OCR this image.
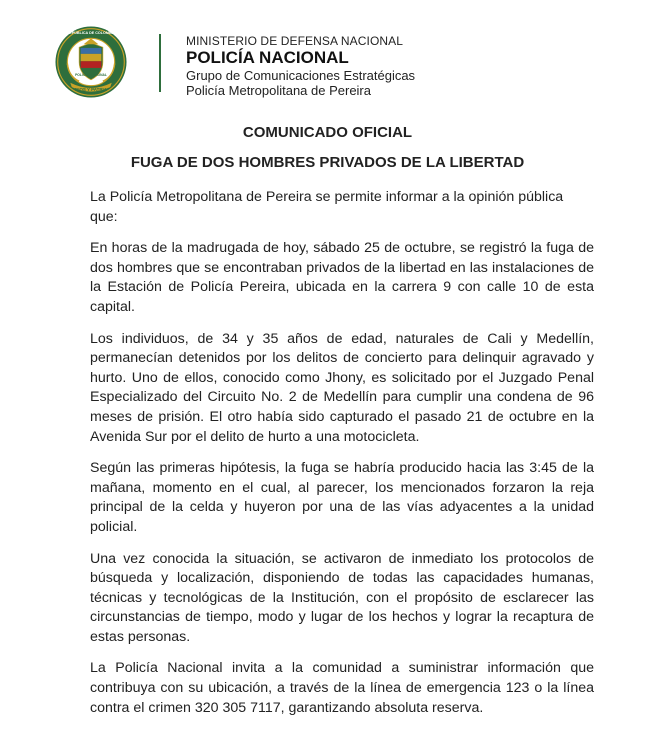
DIOS Y PATRIA
REPÚBLICA DE COLOMBIA
POLICÍA NACIONAL
MINISTERIO DE DEFENSA NACIONAL
POLICÍA NACIONAL
Grupo de Comunicaciones Estratégicas
Policía Metropolitana de Pereira
COMUNICADO OFICIAL
FUGA DE DOS HOMBRES PRIVADOS DE LA LIBERTAD

La Policía Metropolitana de Pereira se permite informar a la opinión pública que:

En horas de la madrugada de hoy, sábado 25 de octubre, se registró la fuga de dos hombres que se encontraban privados de la libertad en las instalaciones de la Estación de Policía Pereira, ubicada en la carrera 9 con calle 10 de esta capital.

Los individuos, de 34 y 35 años de edad, naturales de Cali y Medellín, permanecían detenidos por los delitos de concierto para delinquir agravado y hurto. Uno de ellos, conocido como Jhony, es solicitado por el Juzgado Penal Especializado del Circuito No. 2 de Medellín para cumplir una condena de 96 meses de prisión. El otro había sido capturado el pasado 21 de octubre en la Avenida Sur por el delito de hurto a una motocicleta.

Según las primeras hipótesis, la fuga se habría producido hacia las 3:45 de la mañana, momento en el cual, al parecer, los mencionados forzaron la reja principal de la celda y huyeron por una de las vías adyacentes a la unidad policial.

Una vez conocida la situación, se activaron de inmediato los protocolos de búsqueda y localización, disponiendo de todas las capacidades humanas, técnicas y tecnológicas de la Institución, con el propósito de esclarecer las circunstancias de tiempo, modo y lugar de los hechos y lograr la recaptura de estas personas.

La Policía Nacional invita a la comunidad a suministrar información que contribuya con su ubicación, a través de la línea de emergencia 123 o la línea contra el crimen 320 305 7117, garantizando absoluta reserva.
